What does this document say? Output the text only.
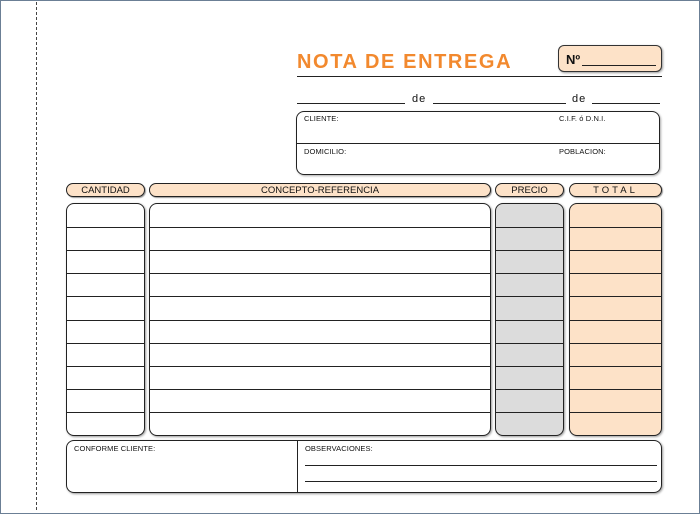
NOTA DE ENTREGA	Nº
de	de
CLIENTE:	C.I.F. ó D.N.I.
DOMICILIO:	POBLACION:
CANTIDAD	CONCEPTO-REFERENCIA	PRECIO	TOTAL
CONFORME CLIENTE:	OBSERVACIONES:
